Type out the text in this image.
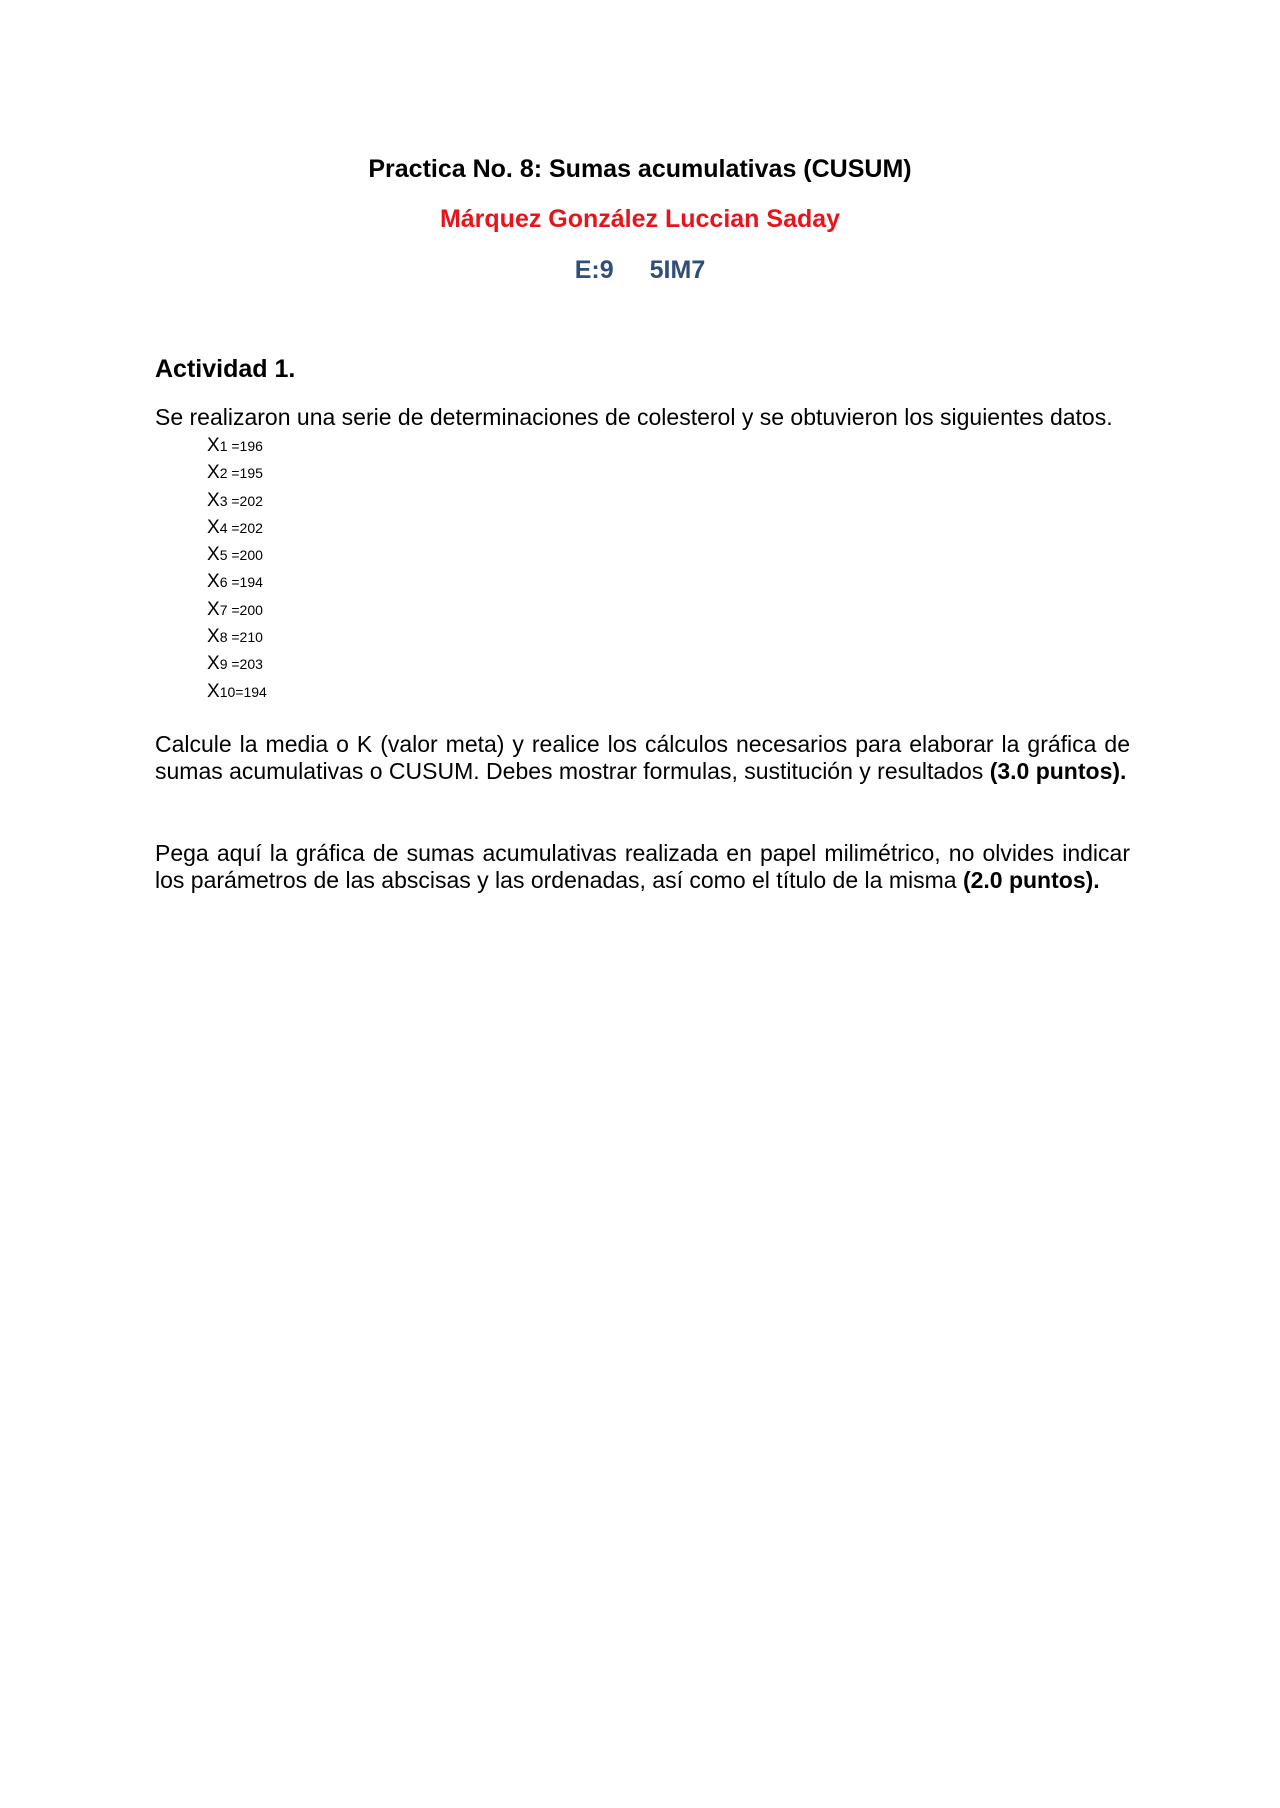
Practica No. 8: Sumas acumulativas (CUSUM)
Márquez González Luccian Saday
E:9 5IM7
Actividad 1.

Se realizaron una serie de determinaciones de colesterol y se obtuvieron los siguientes datos.

X1 =196
X2 =195
X3 =202
X4 =202
X5 =200
X6 =194
X7 =200
X8 =210
X9 =203
X10=194

Calcule la media o K (valor meta) y realice los cálculos necesarios para elaborar la gráfica de sumas acumulativas o CUSUM. Debes mostrar formulas, sustitución y resultados (3.0 puntos).

Pega aquí la gráfica de sumas acumulativas realizada en papel milimétrico, no olvides indicar los parámetros de las abscisas y las ordenadas, así como el título de la misma (2.0 puntos).
